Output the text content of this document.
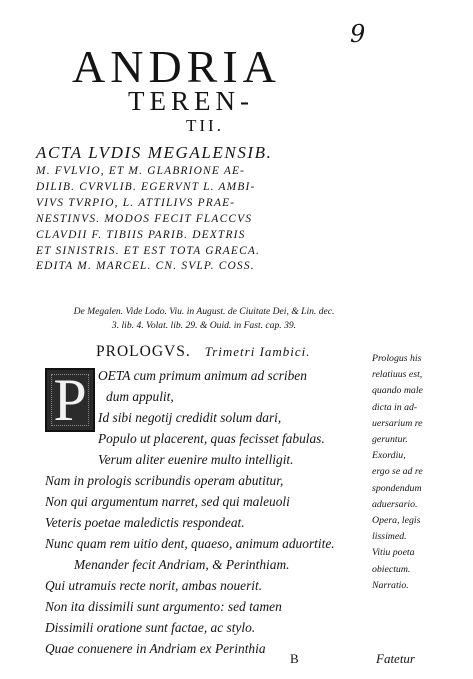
9
ANDRIA
TEREN-
TII.
ACTA LVDIS MEGALENSIB.
M. FVLVIO, ET M. GLABRIONE AE-
DILIB. CVRVLIB. EGERVNT L. AMBI-
VIVS TVRPIO, L. ATTILIVS PRAE-
NESTINVS. MODOS FECIT FLACCVS
CLAVDII F. TIBIIS PARIB. DEXTRIS
ET SINISTRIS. ET EST TOTA GRAECA.
EDITA M. MARCEL. CN. SVLP. COSS.
De Megalen. Vide Lodo. Viu. in August. de Ciuitate Dei, & Lin. dec.
3. lib. 4. Volat. lib. 29. & Ouid. in Fast. cap. 39.
PROLOGVS. Trimetri Iambici.
P OETA cum primum animum ad scriben
dum appulit,
Id sibi negotij credidit solum dari,
Populo ut placerent, quas fecisset fabulas.
Verum aliter euenire multo intelligit.
Nam in prologis scribundis operam abutitur,
Non qui argumentum narret, sed qui maleuoli
Veteris poetae maledictis respondeat.
Nunc quam rem uitio dent, quaeso, animum aduortite.
Menander fecit Andriam, & Perinthiam.
Qui utramuis recte norit, ambas nouerit.
Non ita dissimili sunt argumento: sed tamen
Dissimili oratione sunt factae, ac stylo.
Quae conuenere in Andriam ex Perinthia
Prologus his
relatiuus est,
quando male
dicta in ad-
uersarium re
geruntur.
Exordiu,
ergo se ad re
spondendum
aduersario.
Opera, legis
lissimed.
Vitiu poeta
obiectum.
Narratio.
B	Fatetur
